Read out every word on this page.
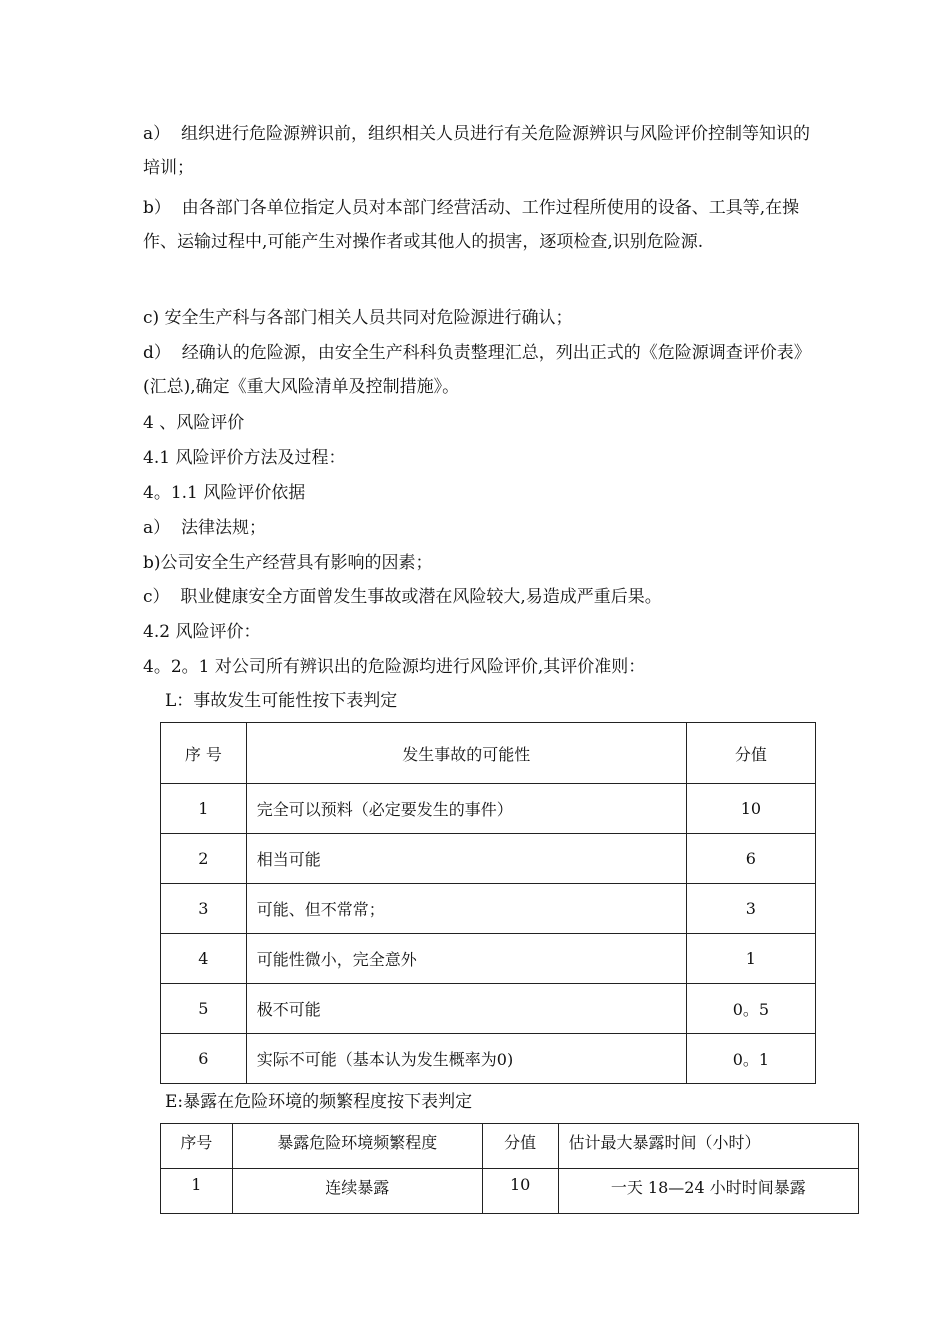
a）  组织进行危险源辨识前，组织相关人员进行有关危险源辨识与风险评价控制等知识的培训；
b）  由各部门各单位指定人员对本部门经营活动、工作过程所使用的设备、工具等,在操作、运输过程中,可能产生对操作者或其他人的损害，逐项检查,识别危险源.
c) 安全生产科与各部门相关人员共同对危险源进行确认；
d）  经确认的危险源，由安全生产科科负责整理汇总，列出正式的《危险源调查评价表》(汇总),确定《重大风险清单及控制措施》。
4 、风险评价
4.1 风险评价方法及过程：
4。1.1 风险评价依据
a）  法律法规；
b)公司安全生产经营具有影响的因素；
c）  职业健康安全方面曾发生事故或潜在风险较大,易造成严重后果。
4.2 风险评价：
4。2。1 对公司所有辨识出的危险源均进行风险评价,其评价准则：
L：事故发生可能性按下表判定
序 号	发生事故的可能性	分值
1	完全可以预料（必定要发生的事件）	10
2	相当可能	6
3	可能、但不常常；	3
4	可能性微小，完全意外	1
5	极不可能	0。5
6	实际不可能（基本认为发生概率为0)	0。1
E:暴露在危险环境的频繁程度按下表判定
序号	暴露危险环境频繁程度	分值	估计最大暴露时间（小时）
1	连续暴露	10	一天 18—24 小时时间暴露
